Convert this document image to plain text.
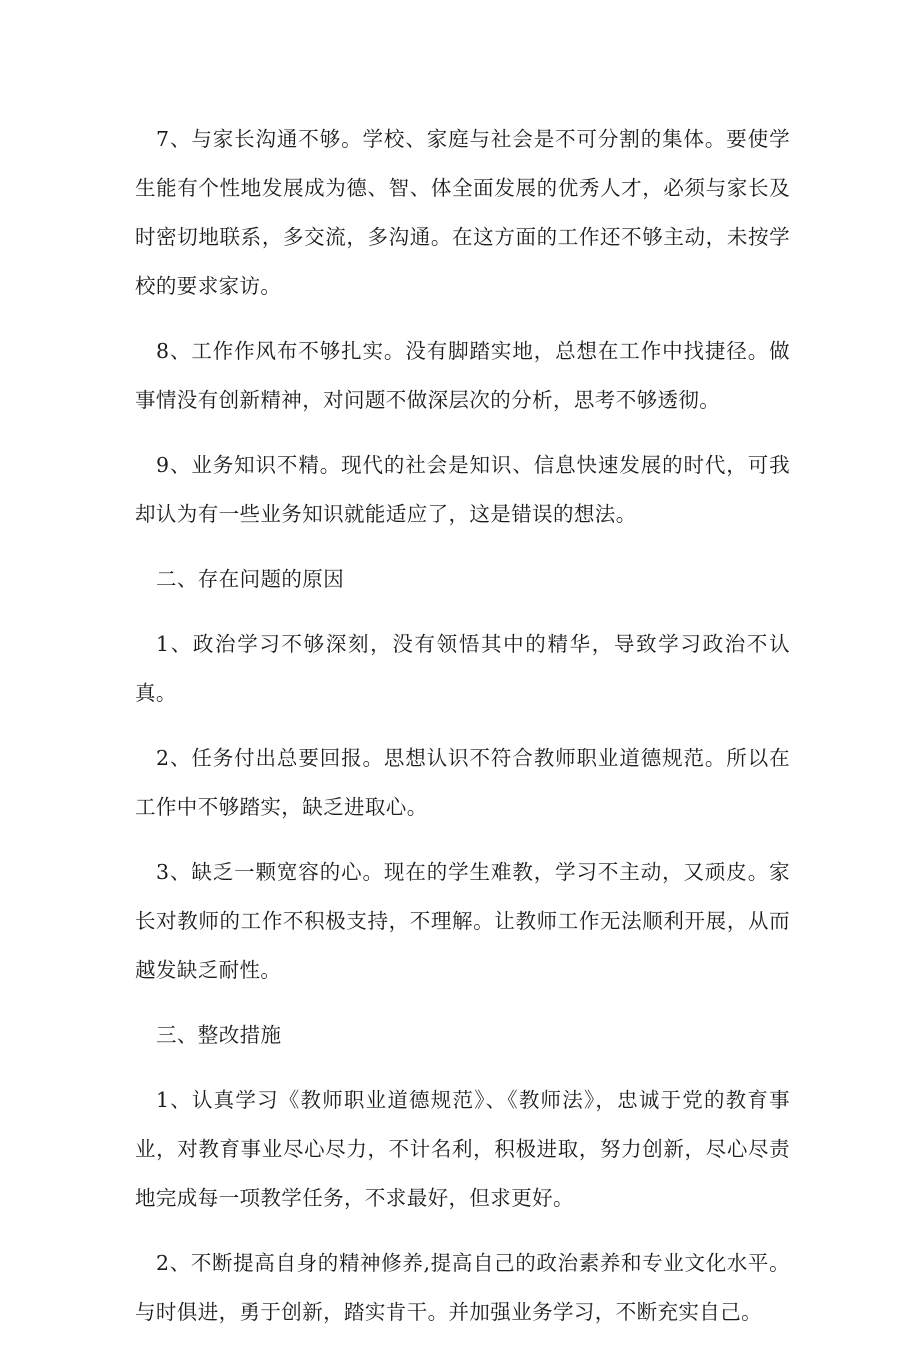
7、与家长沟通不够。学校、家庭与社会是不可分割的集体。要使学生能有个性地发展成为德、智、体全面发展的优秀人才，必须与家长及时密切地联系，多交流，多沟通。在这方面的工作还不够主动，未按学校的要求家访。

8、工作作风布不够扎实。没有脚踏实地，总想在工作中找捷径。做事情没有创新精神，对问题不做深层次的分析，思考不够透彻。

9、业务知识不精。现代的社会是知识、信息快速发展的时代，可我却认为有一些业务知识就能适应了，这是错误的想法。

二、存在问题的原因

1、政治学习不够深刻，没有领悟其中的精华，导致学习政治不认真。

2、任务付出总要回报。思想认识不符合教师职业道德规范。所以在工作中不够踏实，缺乏进取心。

3、缺乏一颗宽容的心。现在的学生难教，学习不主动，又顽皮。家长对教师的工作不积极支持，不理解。让教师工作无法顺利开展，从而越发缺乏耐性。

三、整改措施

1、认真学习《教师职业道德规范》、《教师法》，忠诚于党的教育事业，对教育事业尽心尽力，不计名利，积极进取，努力创新，尽心尽责地完成每一项教学任务，不求最好，但求更好。

2、不断提高自身的精神修养,提高自己的政治素养和专业文化水平。与时俱进，勇于创新，踏实肯干。并加强业务学习，不断充实自己。
